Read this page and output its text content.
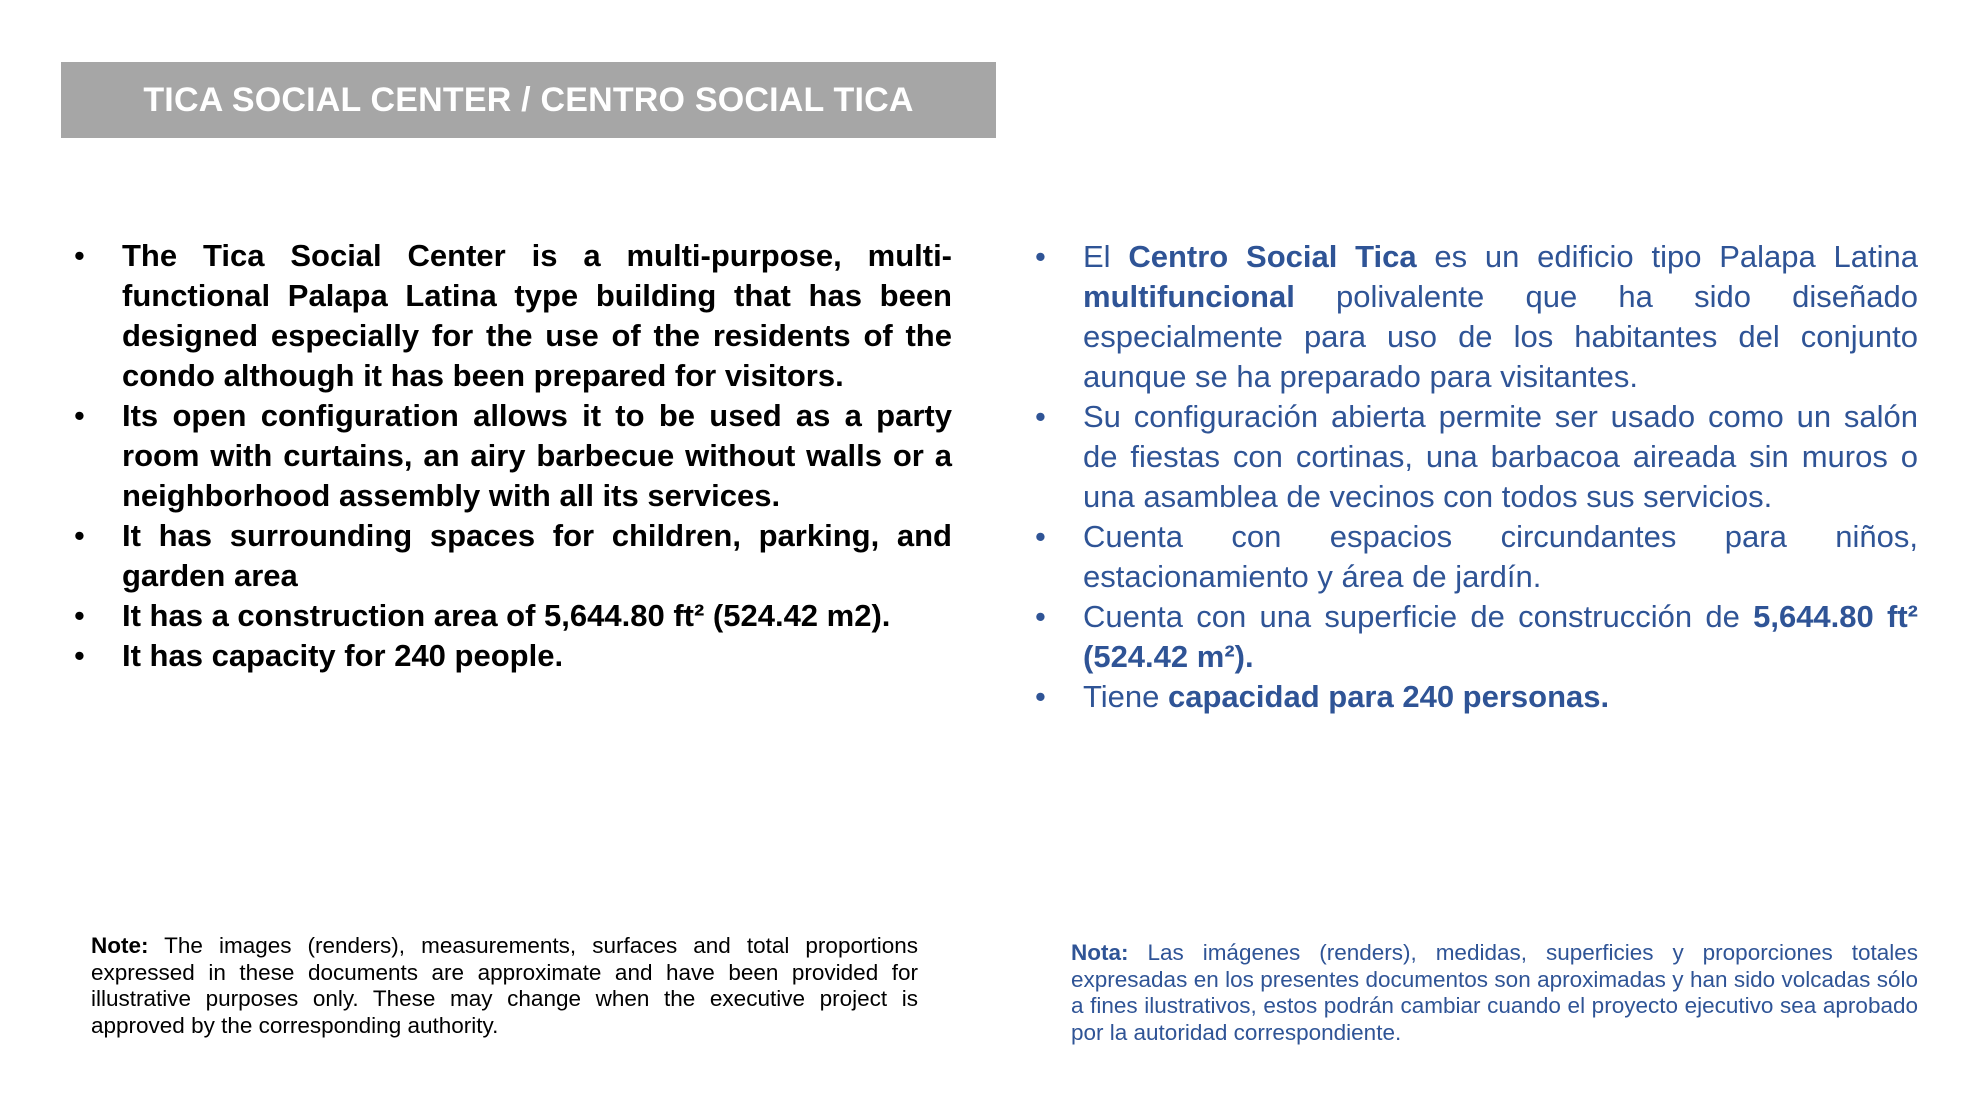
TICA SOCIAL CENTER / CENTRO SOCIAL TICA
• The Tica Social Center is a multi-purpose, multi-functional Palapa Latina type building that has been designed especially for the use of the residents of the condo although it has been prepared for visitors.
• Its open configuration allows it to be used as a party room with curtains, an airy barbecue without walls or a neighborhood assembly with all its services.
• It has surrounding spaces for children, parking, and garden area
• It has a construction area of 5,644.80 ft² (524.42 m2).
• It has capacity for 240 people.
• El Centro Social Tica es un edificio tipo Palapa Latina multifuncional polivalente que ha sido diseñado especialmente para uso de los habitantes del conjunto aunque se ha preparado para visitantes.
• Su configuración abierta permite ser usado como un salón de fiestas con cortinas, una barbacoa aireada sin muros o una asamblea de vecinos con todos sus servicios.
• Cuenta con espacios circundantes para niños, estacionamiento y área de jardín.
• Cuenta con una superficie de construcción de 5,644.80 ft² (524.42 m²).
• Tiene capacidad para 240 personas.
Note: The images (renders), measurements, surfaces and total proportions expressed in these documents are approximate and have been provided for illustrative purposes only. These may change when the executive project is approved by the corresponding authority.
Nota: Las imágenes (renders), medidas, superficies y proporciones totales expresadas en los presentes documentos son aproximadas y han sido volcadas sólo a fines ilustrativos, estos podrán cambiar cuando el proyecto ejecutivo sea aprobado por la autoridad correspondiente.
